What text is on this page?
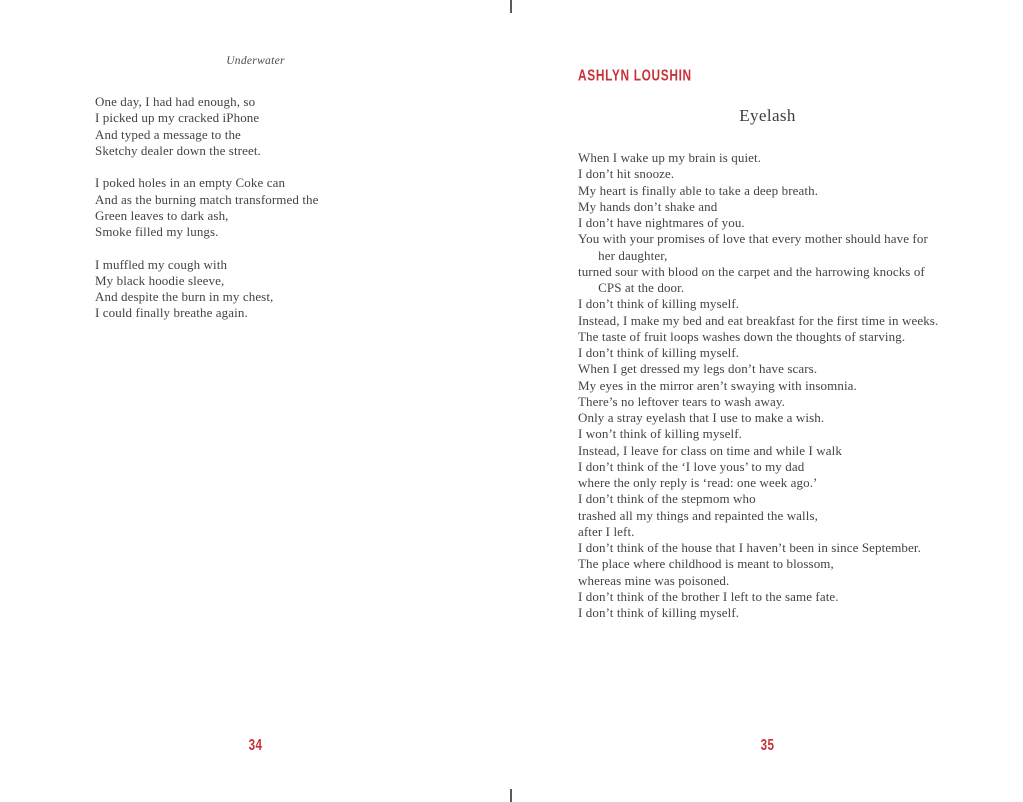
Underwater
One day, I had had enough, so
I picked up my cracked iPhone
And typed a message to the
Sketchy dealer down the street.
I poked holes in an empty Coke can
And as the burning match transformed the
Green leaves to dark ash,
Smoke filled my lungs.
I muffled my cough with
My black hoodie sleeve,
And despite the burn in my chest,
I could finally breathe again.
34
ASHLYN LOUSHIN
Eyelash
When I wake up my brain is quiet.
I don’t hit snooze.
My heart is finally able to take a deep breath.
My hands don’t shake and
I don’t have nightmares of you.
You with your promises of love that every mother should have for
her daughter,
turned sour with blood on the carpet and the harrowing knocks of
CPS at the door.
I don’t think of killing myself.
Instead, I make my bed and eat breakfast for the first time in weeks.
The taste of fruit loops washes down the thoughts of starving.
I don’t think of killing myself.
When I get dressed my legs don’t have scars.
My eyes in the mirror aren’t swaying with insomnia.
There’s no leftover tears to wash away.
Only a stray eyelash that I use to make a wish.
I won’t think of killing myself.
Instead, I leave for class on time and while I walk
I don’t think of the ‘I love yous’ to my dad
where the only reply is ‘read: one week ago.’
I don’t think of the stepmom who
trashed all my things and repainted the walls,
after I left.
I don’t think of the house that I haven’t been in since September.
The place where childhood is meant to blossom,
whereas mine was poisoned.
I don’t think of the brother I left to the same fate.
I don’t think of killing myself.
35
